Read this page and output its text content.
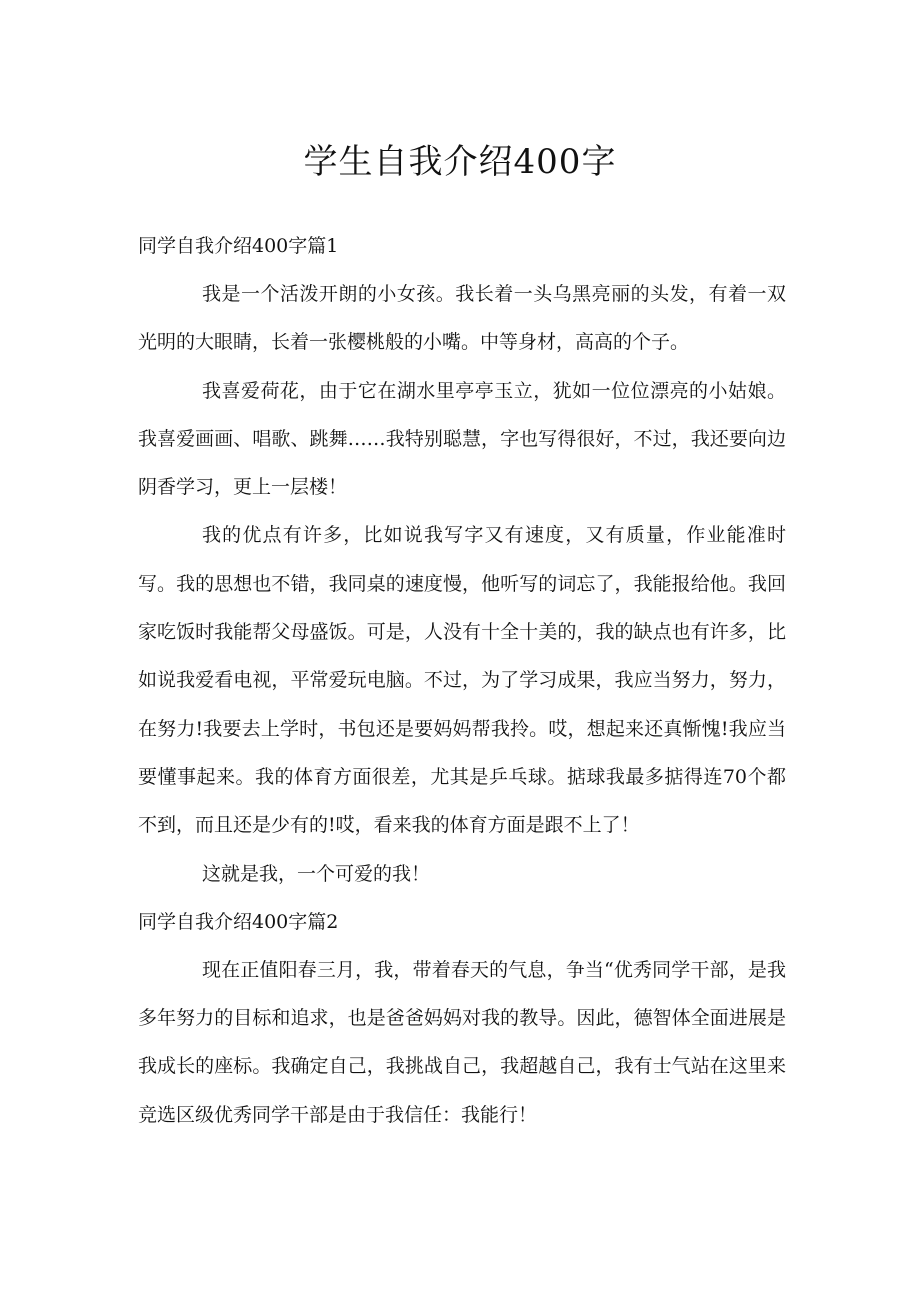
学生自我介绍400字
同学自我介绍400字篇1

我是一个活泼开朗的小女孩。我长着一头乌黑亮丽的头发，有着一双光明的大眼睛，长着一张樱桃般的小嘴。中等身材，高高的个子。

我喜爱荷花，由于它在湖水里亭亭玉立，犹如一位位漂亮的小姑娘。我喜爱画画、唱歌、跳舞……我特别聪慧，字也写得很好，不过，我还要向边阴香学习，更上一层楼！

我的优点有许多，比如说我写字又有速度，又有质量，作业能准时写。我的思想也不错，我同桌的速度慢，他听写的词忘了，我能报给他。我回家吃饭时我能帮父母盛饭。可是，人没有十全十美的，我的缺点也有许多，比如说我爱看电视，平常爱玩电脑。不过，为了学习成果，我应当努力，努力，在努力!我要去上学时，书包还是要妈妈帮我拎。哎，想起来还真惭愧!我应当要懂事起来。我的体育方面很差，尤其是乒乓球。掂球我最多掂得连70个都不到，而且还是少有的!哎，看来我的体育方面是跟不上了！

这就是我，一个可爱的我！

同学自我介绍400字篇2

现在正值阳春三月，我，带着春天的气息，争当“优秀同学干部，是我多年努力的目标和追求，也是爸爸妈妈对我的教导。因此，德智体全面进展是我成长的座标。我确定自己，我挑战自己，我超越自己，我有士气站在这里来竞选区级优秀同学干部是由于我信任：我能行！
